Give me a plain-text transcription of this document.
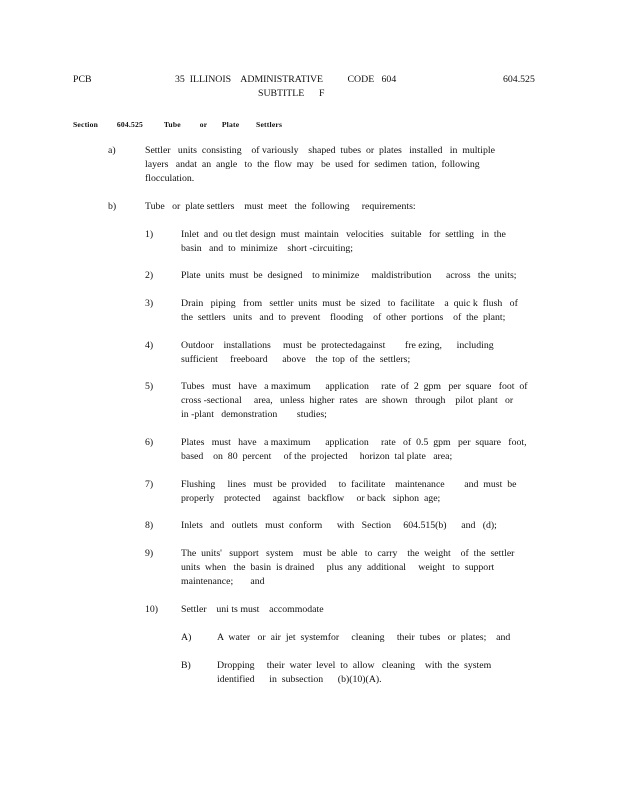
PCB	35  ILLINOIS    ADMINISTRATIVE          CODE   604
SUBTITLE      F
604.525
Section         604.525          Tube         or       Plate        Settlers
a)	Settler   units  consisting    of variously    shaped  tubes  or  plates   installed   in  multiple
layers   andat  an  angle   to  the  flow  may   be  used  for  sedimen  tation,  following
flocculation.
b)	Tube   or  plate settlers    must  meet   the  following     requirements:
1)	Inlet  and  ou tlet design  must  maintain   velocities   suitable   for  settling   in  the
basin   and  to  minimize    short -circuiting;
2)	Plate  units  must  be  designed    to minimize     maldistribution      across   the  units;
3)	Drain   piping   from   settler  units  must  be  sized   to  facilitate    a  quic k  flush   of
the  settlers   units   and  to  prevent    flooding    of  other  portions    of  the  plant;
4)	Outdoor    installations     must  be  protectedagainst        fre ezing,      including
sufficient     freeboard      above    the  top  of  the  settlers;
5)	Tubes   must   have   a maximum      application     rate  of  2  gpm   per  square   foot  of
cross -sectional     area,   unless  higher  rates   are  shown   through    pilot  plant   or
in -plant   demonstration        studies;
6)	Plates   must   have   a maximum      application     rate   of  0.5  gpm   per  square   foot,
based    on  80  percent     of the  projected     horizon  tal plate   area;
7)	Flushing     lines   must  be  provided     to  facilitate    maintenance        and  must  be
properly    protected     against   backflow     or back   siphon  age;
8)	Inlets   and   outlets   must  conform      with   Section     604.515(b)      and   (d);
9)	The  units'   support   system    must  be  able   to  carry    the  weight    of  the  settler
units  when   the  basin  is drained     plus  any  additional     weight   to  support
maintenance;       and
10) Settler    uni ts must    accommodate
A)	A  water   or  air  jet  systemfor     cleaning     their  tubes   or  plates;    and
B)	Dropping     their  water  level  to  allow   cleaning    with  the  system
identified      in  subsection      (b)(10)(A).
